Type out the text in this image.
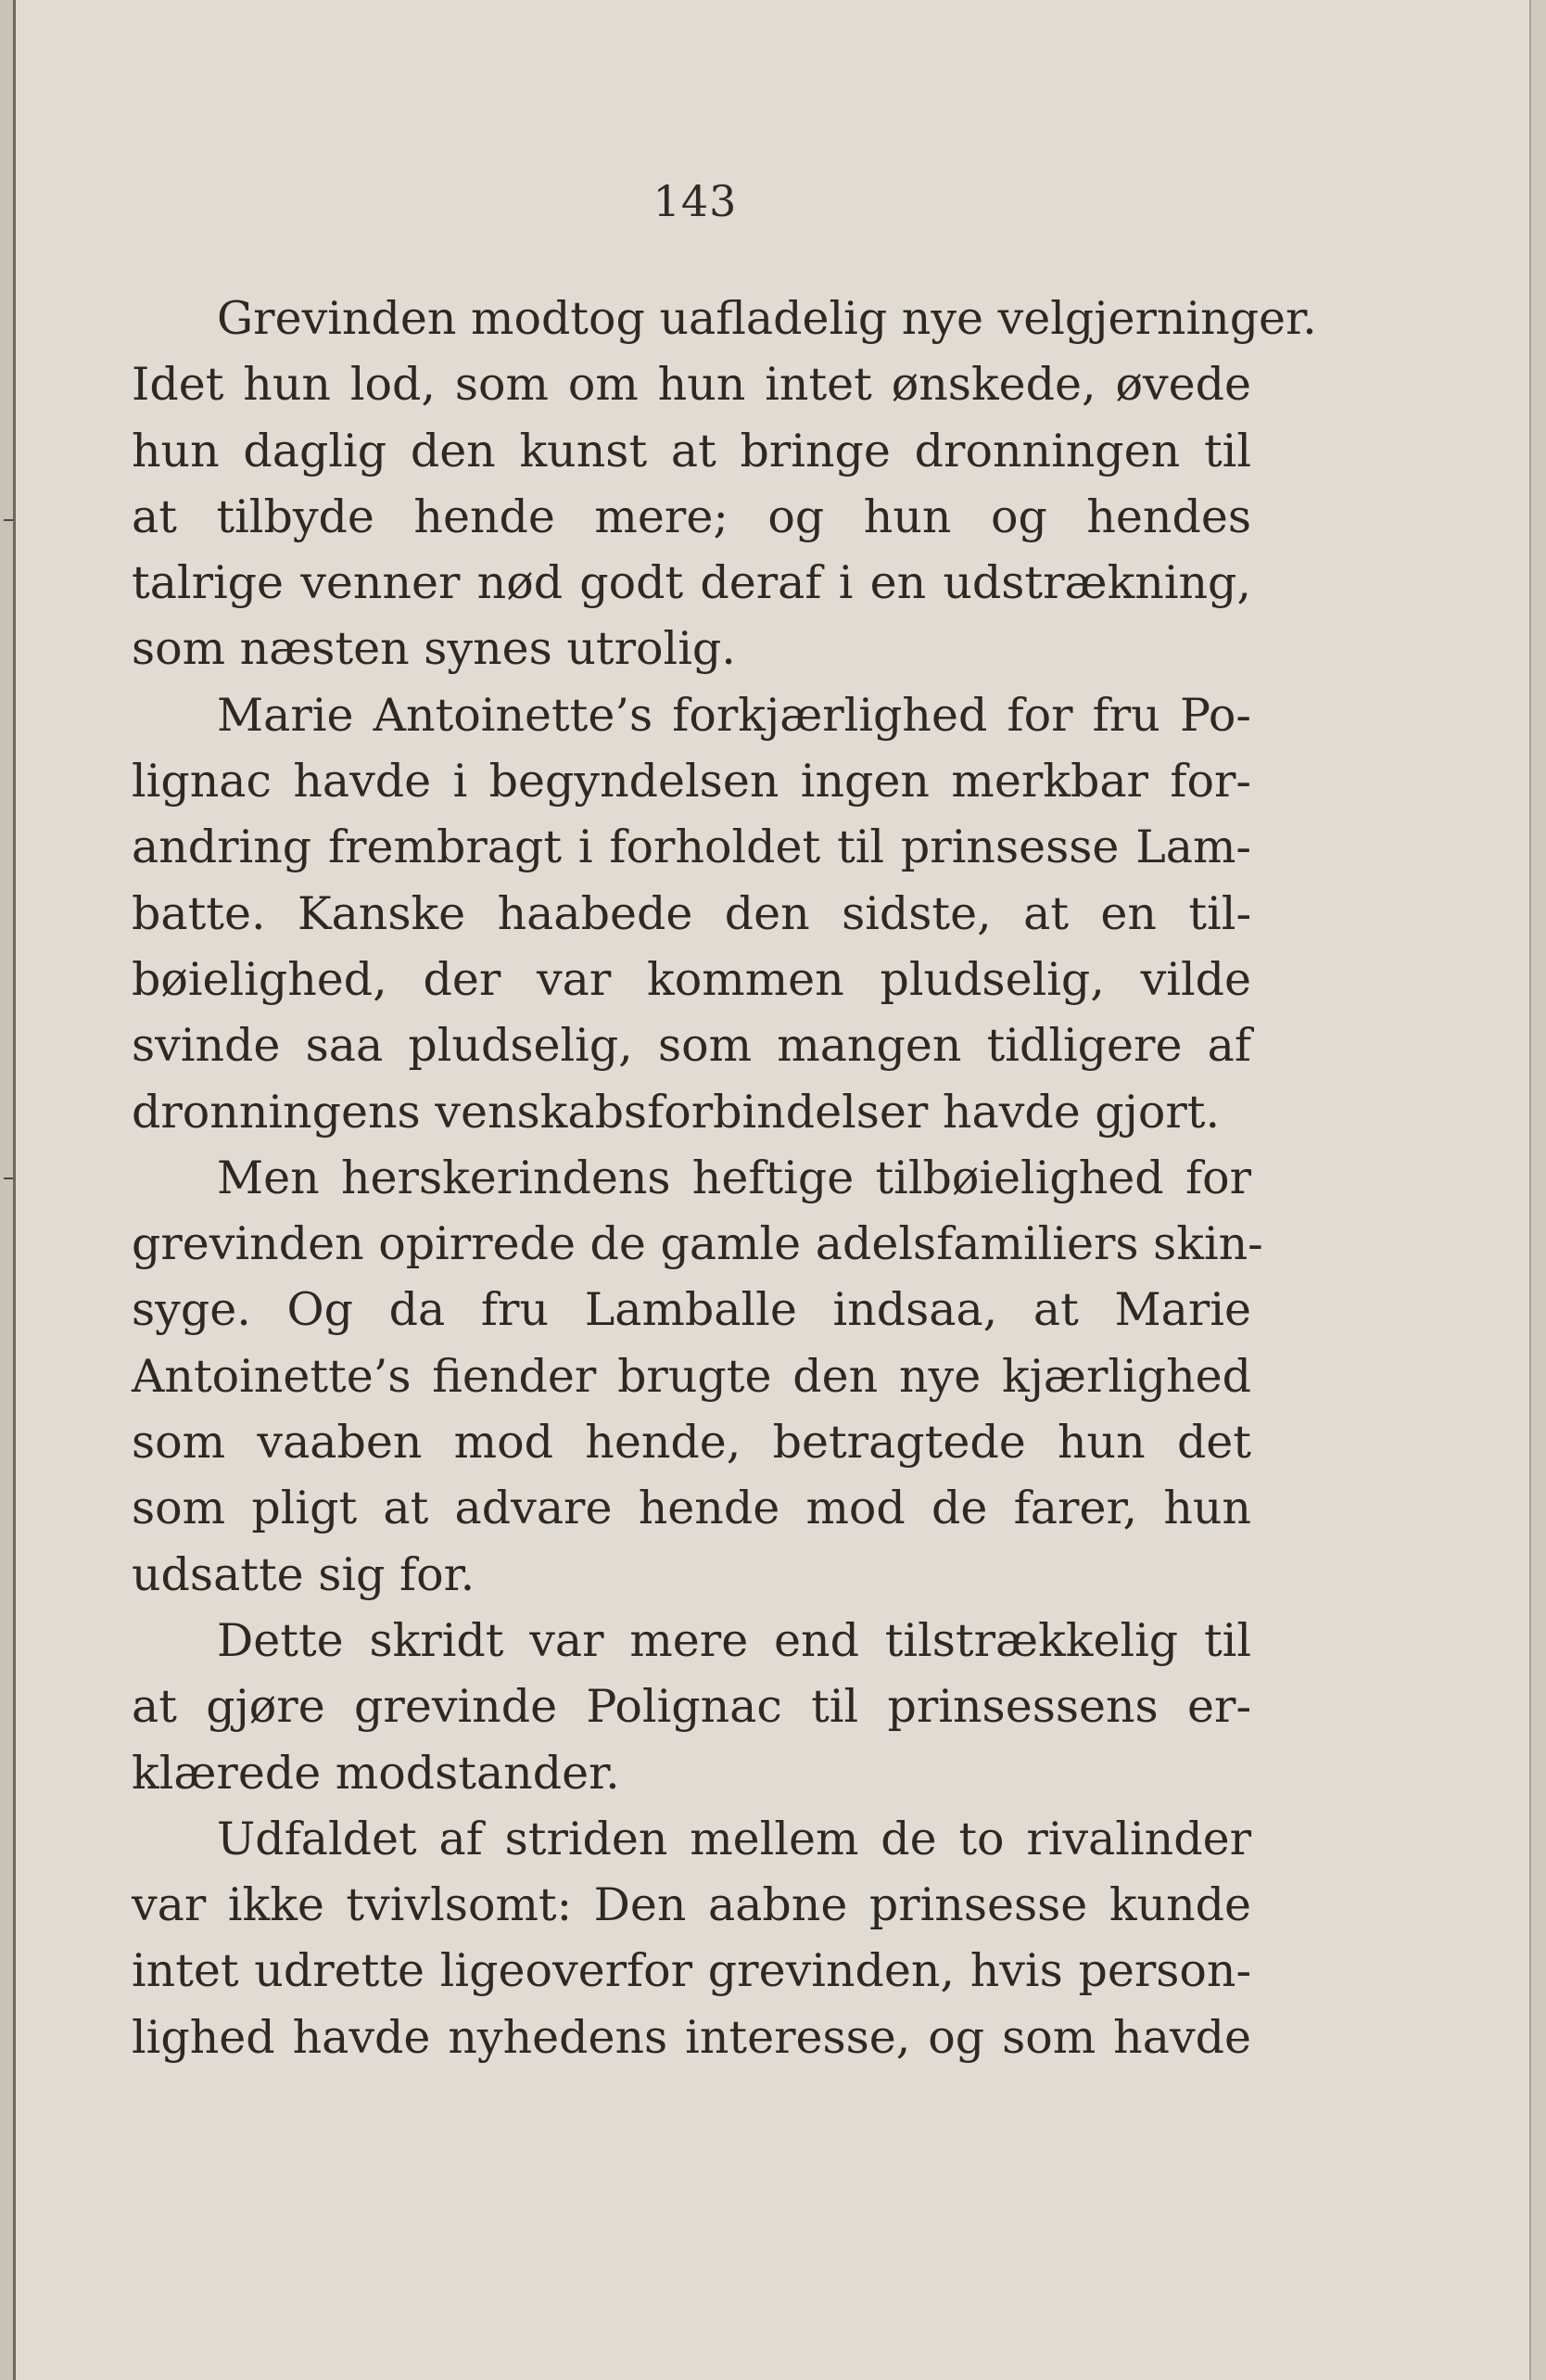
143
Grevinden modtog uafladelig nye velgjerninger.
Idet hun lod, som om hun intet ønskede, øvede
hun daglig den kunst at bringe dronningen til
at tilbyde hende mere; og hun og hendes
talrige venner nød godt deraf i en udstrækning,
som næsten synes utrolig.
Marie Antoinette’s forkjærlighed for fru Po-
lignac havde i begyndelsen ingen merkbar for-
andring frembragt i forholdet til prinsesse Lam-
batte. Kanske haabede den sidste, at en til-
bøielighed, der var kommen pludselig, vilde
svinde saa pludselig, som mangen tidligere af
dronningens venskabsforbindelser havde gjort.
Men herskerindens heftige tilbøielighed for
grevinden opirrede de gamle adelsfamiliers skin-
syge. Og da fru Lamballe indsaa, at Marie
Antoinette’s fiender brugte den nye kjærlighed
som vaaben mod hende, betragtede hun det
som pligt at advare hende mod de farer, hun
udsatte sig for.
Dette skridt var mere end tilstrækkelig til
at gjøre grevinde Polignac til prinsessens er-
klærede modstander.
Udfaldet af striden mellem de to rivalinder
var ikke tvivlsomt: Den aabne prinsesse kunde
intet udrette ligeoverfor grevinden, hvis person-
lighed havde nyhedens interesse, og som havde
